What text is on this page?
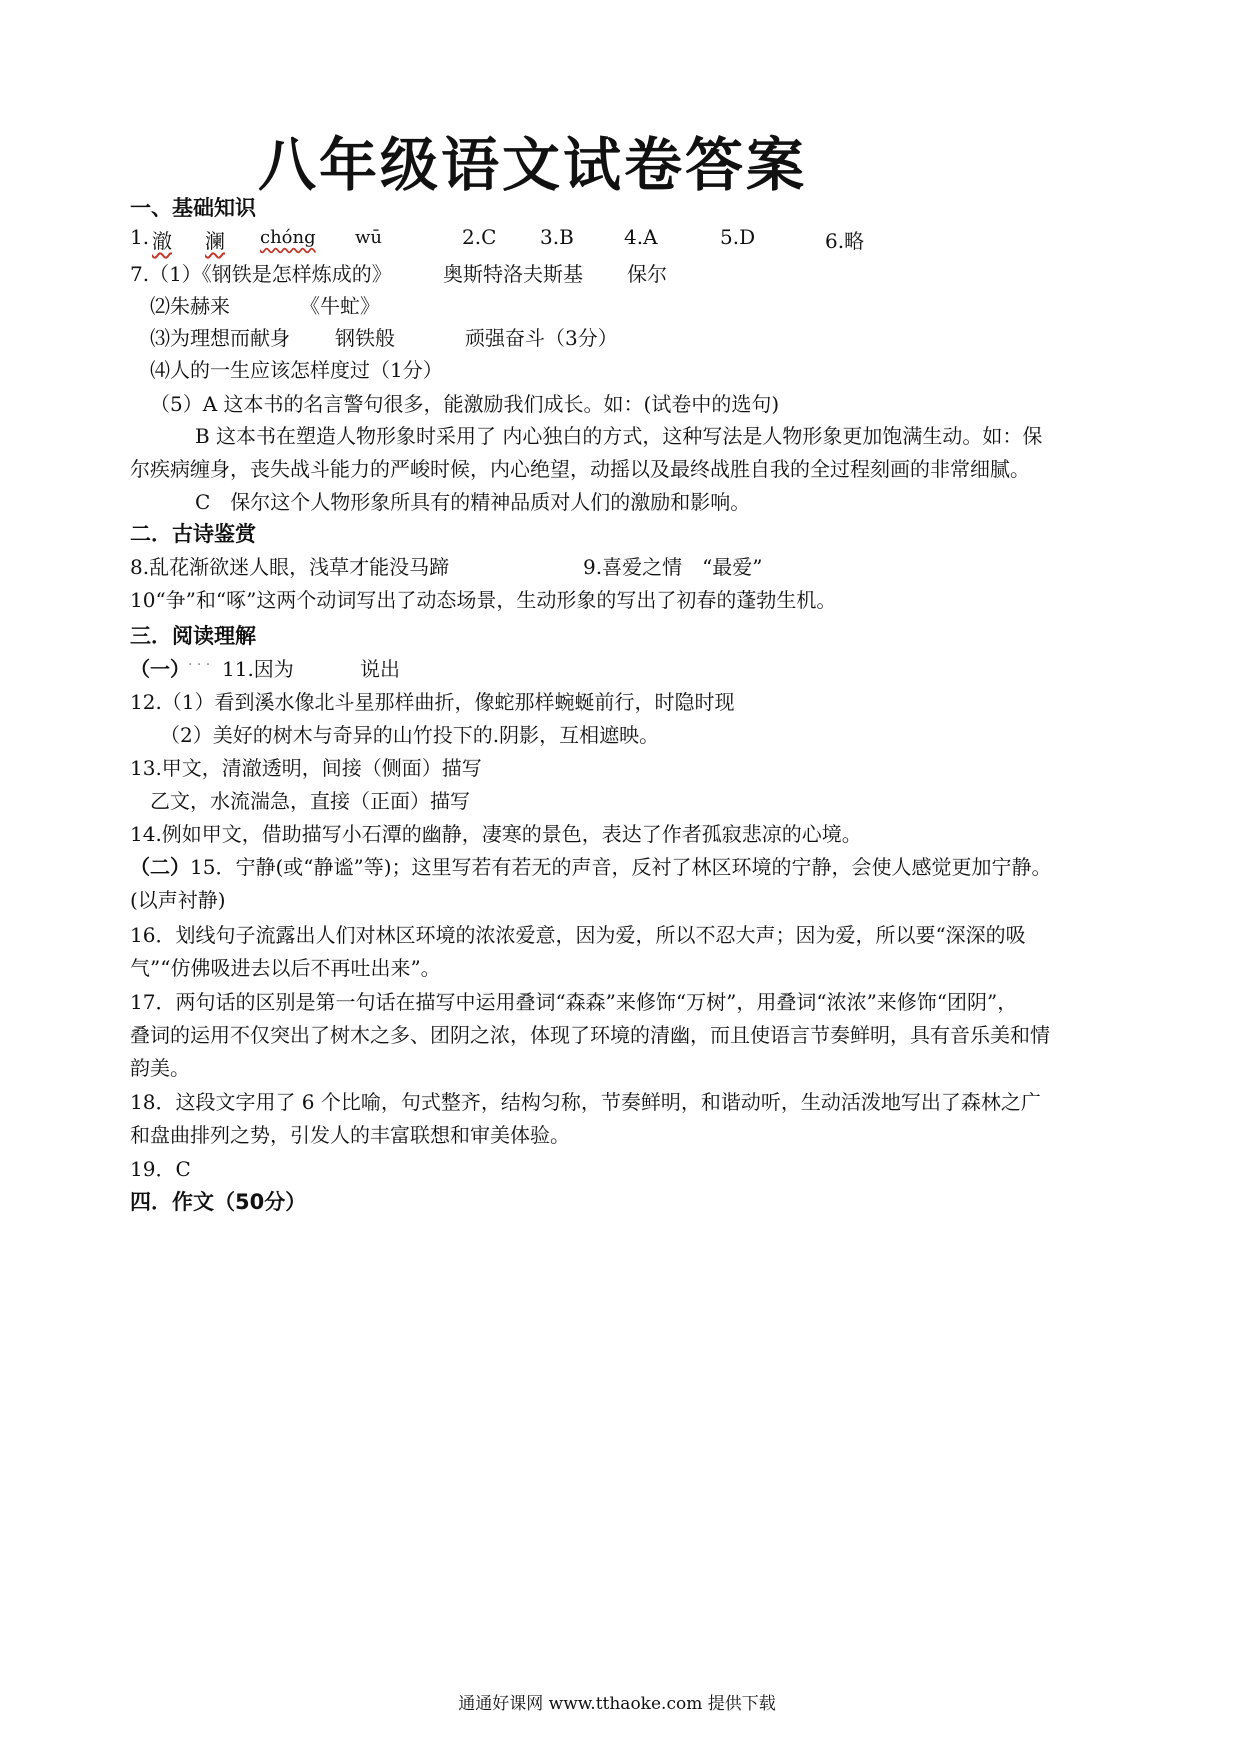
八年级语文试卷答案
一、基础知识
1. 澈 澜 chóng wū	2.C 3.B	4.A	5.D	6.略
7.（1）《钢铁是怎样炼成的》	奥斯特洛夫斯基 保尔
⑵朱赫来	《牛虻》
⑶为理想而献身 钢铁般	顽强奋斗（3分）
⑷人的一生应该怎样度过（1分）
（5）A 这本书的名言警句很多，能激励我们成长。如：(试卷中的选句)
B 这本书在塑造人物形象时采用了 内心独白的方式，这种写法是人物形象更加饱满生动。如：保
尔疾病缠身，丧失战斗能力的严峻时候，内心绝望，动摇以及最终战胜自我的全过程刻画的非常细腻。
C　保尔这个人物形象所具有的精神品质对人们的激励和影响。
二．古诗鉴赏
8.乱花渐欲迷人眼，浅草才能没马蹄	9.喜爱之情　“最爱”
10“争”和“啄”这两个动词写出了动态场景，生动形象的写出了初春的蓬勃生机。
三．阅读理解
（一）
. . . 11.因为	说出
12.（1）看到溪水像北斗星那样曲折，像蛇那样蜿蜒前行，时隐时现
（2）美好的树木与奇异的山竹投下的.阴影，互相遮映。
13.甲文，清澈透明，间接（侧面）描写
乙文，水流湍急，直接（正面）描写
14.例如甲文，借助描写小石潭的幽静，凄寒的景色，表达了作者孤寂悲凉的心境。
（二） 15．宁静(或“静谧”等)；这里写若有若无的声音，反衬了林区环境的宁静，会使人感觉更加宁静。
(以声衬静)
16．划线句子流露出人们对林区环境的浓浓爱意，因为爱，所以不忍大声；因为爱，所以要“深深的吸
气”“仿佛吸进去以后不再吐出来”。
17．两句话的区别是第一句话在描写中运用叠词“森森”来修饰“万树”，用叠词“浓浓”来修饰“团阴”，
叠词的运用不仅突出了树木之多、团阴之浓，体现了环境的清幽，而且使语言节奏鲜明，具有音乐美和情
韵美。
18．这段文字用了 6 个比喻，句式整齐，结构匀称，节奏鲜明，和谐动听，生动活泼地写出了森林之广
和盘曲排列之势，引发人的丰富联想和审美体验。
19．C
四．作文（50分）
通通好课网 www.tthaoke.com 提供下载
